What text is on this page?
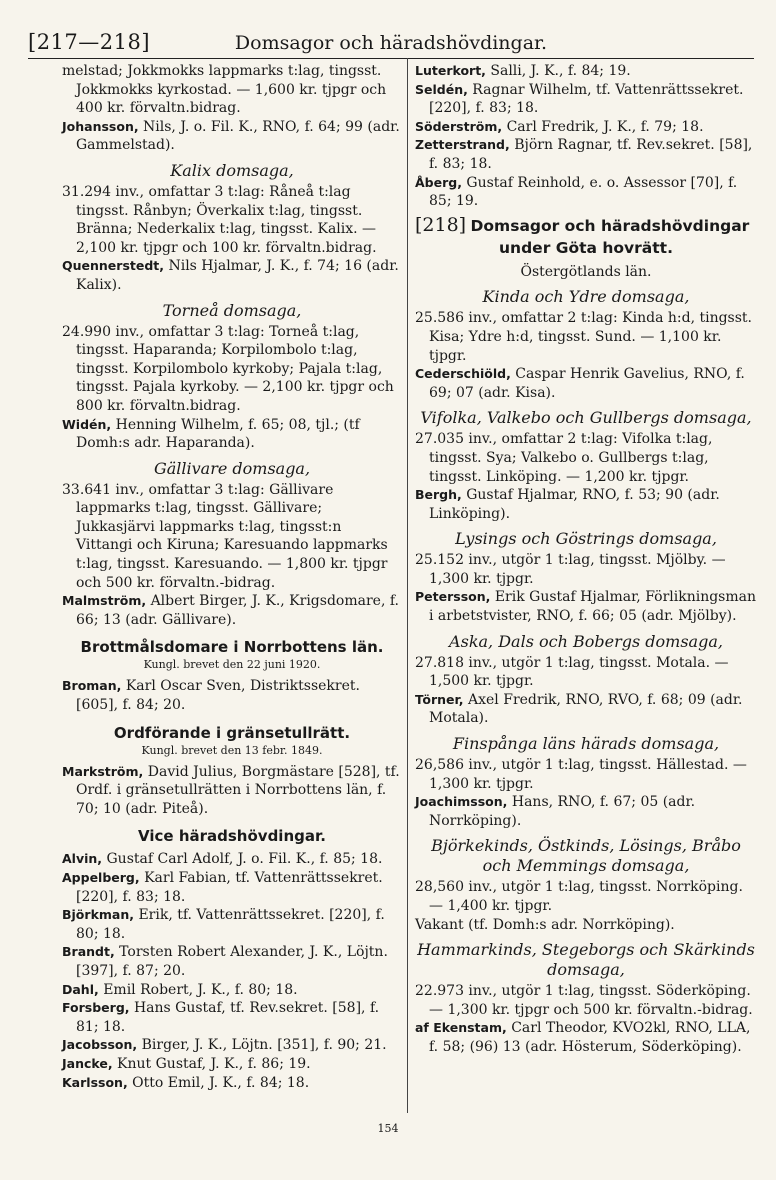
[217—218]	Domsagor och häradshövdingar.

melstad; Jokkmokks lappmarks t:lag, tingsst. Jokkmokks kyrkostad. — 1,600 kr. tjpgr och 400 kr. förvaltn.bidrag.

Johansson, Nils, J. o. Fil. K., RNO, f. 64; 99 (adr. Gammelstad).

Kalix domsaga,

31.294 inv., omfattar 3 t:lag: Råneå t:lag tingsst. Rånbyn; Överkalix t:lag, tingsst. Bränna; Nederkalix t:lag, tingsst. Kalix. — 2,100 kr. tjpgr och 100 kr. förvaltn.bidrag.

Quennerstedt, Nils Hjalmar, J. K., f. 74; 16 (adr. Kalix).

Torneå domsaga,

24.990 inv., omfattar 3 t:lag: Torneå t:lag, tingsst. Haparanda; Korpilombolo t:lag, tingsst. Korpilombolo kyrkoby; Pajala t:lag, tingsst. Pajala kyrkoby. — 2,100 kr. tjpgr och 800 kr. förvaltn.bidrag.

Widén, Henning Wilhelm, f. 65; 08, tjl.; (tf Domh:s adr. Haparanda).

Gällivare domsaga,

33.641 inv., omfattar 3 t:lag: Gällivare lappmarks t:lag, tingsst. Gällivare; Jukkasjärvi lappmarks t:lag, tingsst:n Vittangi och Kiruna; Karesuando lappmarks t:lag, tingsst. Karesuando. — 1,800 kr. tjpgr och 500 kr. förvaltn.-bidrag.

Malmström, Albert Birger, J. K., Krigsdomare, f. 66; 13 (adr. Gällivare).

Brottmålsdomare i Norrbottens län.
Kungl. brevet den 22 juni 1920.

Broman, Karl Oscar Sven, Distriktssekret. [605], f. 84; 20.

Ordförande i gränsetullrätt.
Kungl. brevet den 13 febr. 1849.

Markström, David Julius, Borgmästare [528], tf. Ordf. i gränsetullrätten i Norrbottens län, f. 70; 10 (adr. Piteå).

Vice häradshövdingar.

Alvin, Gustaf Carl Adolf, J. o. Fil. K., f. 85; 18.

Appelberg, Karl Fabian, tf. Vattenrättssekret. [220], f. 83; 18.

Björkman, Erik, tf. Vattenrättssekret. [220], f. 80; 18.

Brandt, Torsten Robert Alexander, J. K., Löjtn. [397], f. 87; 20.

Dahl, Emil Robert, J. K., f. 80; 18.

Forsberg, Hans Gustaf, tf. Rev.sekret. [58], f. 81; 18.

Jacobsson, Birger, J. K., Löjtn. [351], f. 90; 21.

Jancke, Knut Gustaf, J. K., f. 86; 19.

Karlsson, Otto Emil, J. K., f. 84; 18.

Luterkort, Salli, J. K., f. 84; 19.

Seldén, Ragnar Wilhelm, tf. Vattenrättssekret. [220], f. 83; 18.

Söderström, Carl Fredrik, J. K., f. 79; 18.

Zetterstrand, Björn Ragnar, tf. Rev.sekret. [58], f. 83; 18.

Åberg, Gustaf Reinhold, e. o. Assessor [70], f. 85; 19.

[218] Domsagor och häradshövdingar
under Göta hovrätt.
Östergötlands län.
Kinda och Ydre domsaga,

25.586 inv., omfattar 2 t:lag: Kinda h:d, tingsst. Kisa; Ydre h:d, tingsst. Sund. — 1,100 kr. tjpgr.

Cederschiöld, Caspar Henrik Gavelius, RNO, f. 69; 07 (adr. Kisa).

Vifolka, Valkebo och Gullbergs domsaga,

27.035 inv., omfattar 2 t:lag: Vifolka t:lag, tingsst. Sya; Valkebo o. Gullbergs t:lag, tingsst. Linköping. — 1,200 kr. tjpgr.

Bergh, Gustaf Hjalmar, RNO, f. 53; 90 (adr. Linköping).

Lysings och Göstrings domsaga,

25.152 inv., utgör 1 t:lag, tingsst. Mjölby. — 1,300 kr. tjpgr.

Petersson, Erik Gustaf Hjalmar, Förlikningsman i arbetstvister, RNO, f. 66; 05 (adr. Mjölby).

Aska, Dals och Bobergs domsaga,

27.818 inv., utgör 1 t:lag, tingsst. Motala. — 1,500 kr. tjpgr.

Törner, Axel Fredrik, RNO, RVO, f. 68; 09 (adr. Motala).

Finspånga läns härads domsaga,

26,586 inv., utgör 1 t:lag, tingsst. Hällestad. — 1,300 kr. tjpgr.

Joachimsson, Hans, RNO, f. 67; 05 (adr. Norrköping).

Björkekinds, Östkinds, Lösings, Bråbo
och Memmings domsaga,

28,560 inv., utgör 1 t:lag, tingsst. Norrköping. — 1,400 kr. tjpgr.

Vakant (tf. Domh:s adr. Norrköping).

Hammarkinds, Stegeborgs och Skärkinds
domsaga,

22.973 inv., utgör 1 t:lag, tingsst. Söderköping. — 1,300 kr. tjpgr och 500 kr. förvaltn.-bidrag.

af Ekenstam, Carl Theodor, KVO2kl, RNO, LLA, f. 58; (96) 13 (adr. Hösterum, Söderköping).

154
